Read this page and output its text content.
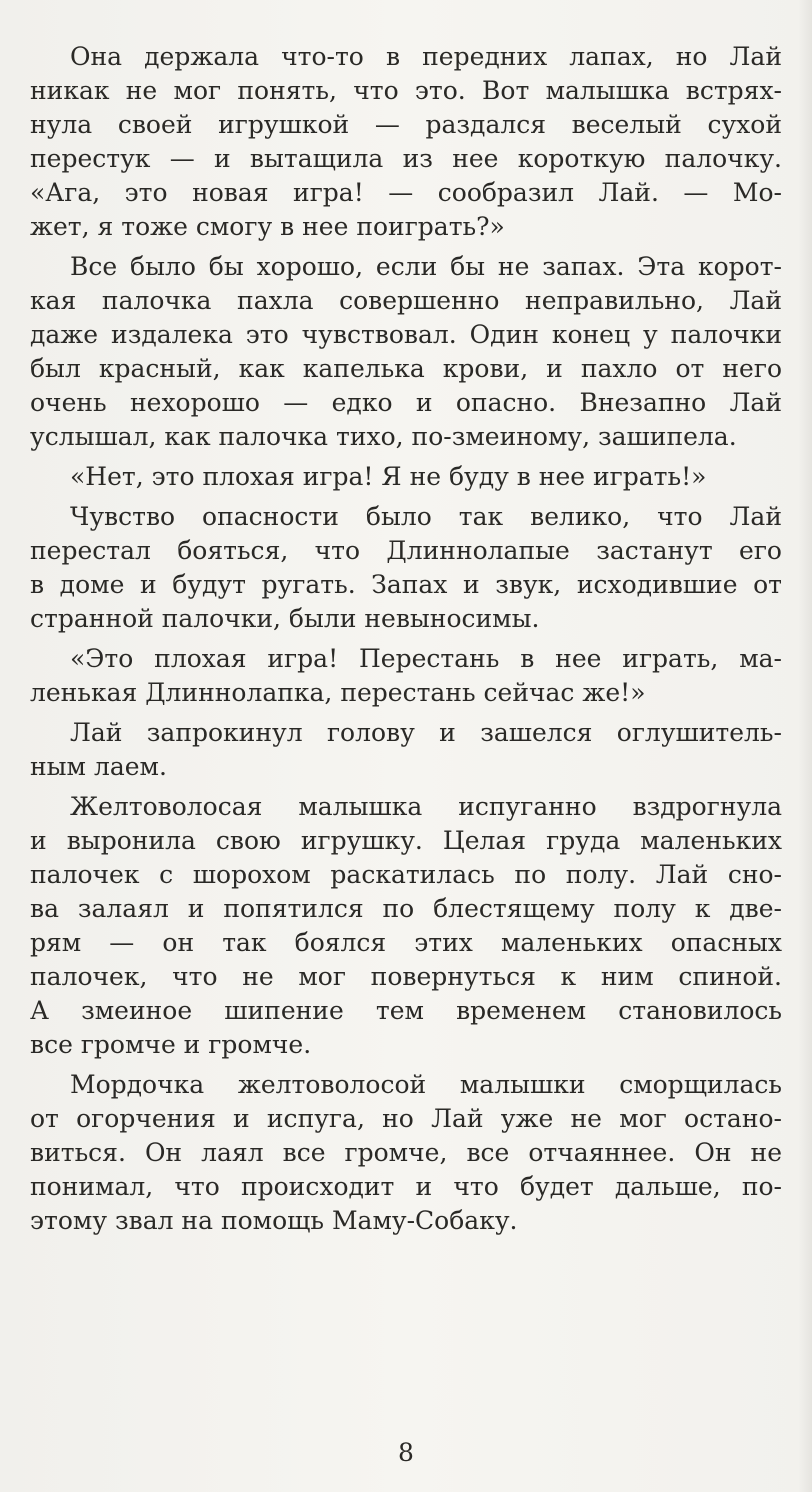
Она держала что-то в передних лапах, но Лай
никак не мог понять, что это. Вот малышка встрях-
нула своей игрушкой — раздался веселый сухой
перестук — и вытащила из нее короткую палочку.
«Ага, это новая игра! — сообразил Лай. — Мо-
жет, я тоже смогу в нее поиграть?»
Все было бы хорошо, если бы не запах. Эта корот-
кая палочка пахла совершенно неправильно, Лай
даже издалека это чувствовал. Один конец у палочки
был красный, как капелька крови, и пахло от него
очень нехорошо — едко и опасно. Внезапно Лай
услышал, как палочка тихо, по-змеиному, зашипела.
«Нет, это плохая игра! Я не буду в нее играть!»
Чувство опасности было так велико, что Лай
перестал бояться, что Длиннолапые застанут его
в доме и будут ругать. Запах и звук, исходившие от
странной палочки, были невыносимы.
«Это плохая игра! Перестань в нее играть, ма-
ленькая Длиннолапка, перестань сейчас же!»
Лай запрокинул голову и зашелся оглушитель-
ным лаем.
Желтоволосая малышка испуганно вздрогнула
и выронила свою игрушку. Целая груда маленьких
палочек с шорохом раскатилась по полу. Лай сно-
ва залаял и попятился по блестящему полу к две-
рям — он так боялся этих маленьких опасных
палочек, что не мог повернуться к ним спиной.
А змеиное шипение тем временем становилось
все громче и громче.
Мордочка желтоволосой малышки сморщилась
от огорчения и испуга, но Лай уже не мог остано-
виться. Он лаял все громче, все отчаяннее. Он не
понимал, что происходит и что будет дальше, по-
этому звал на помощь Маму-Собаку.
8
